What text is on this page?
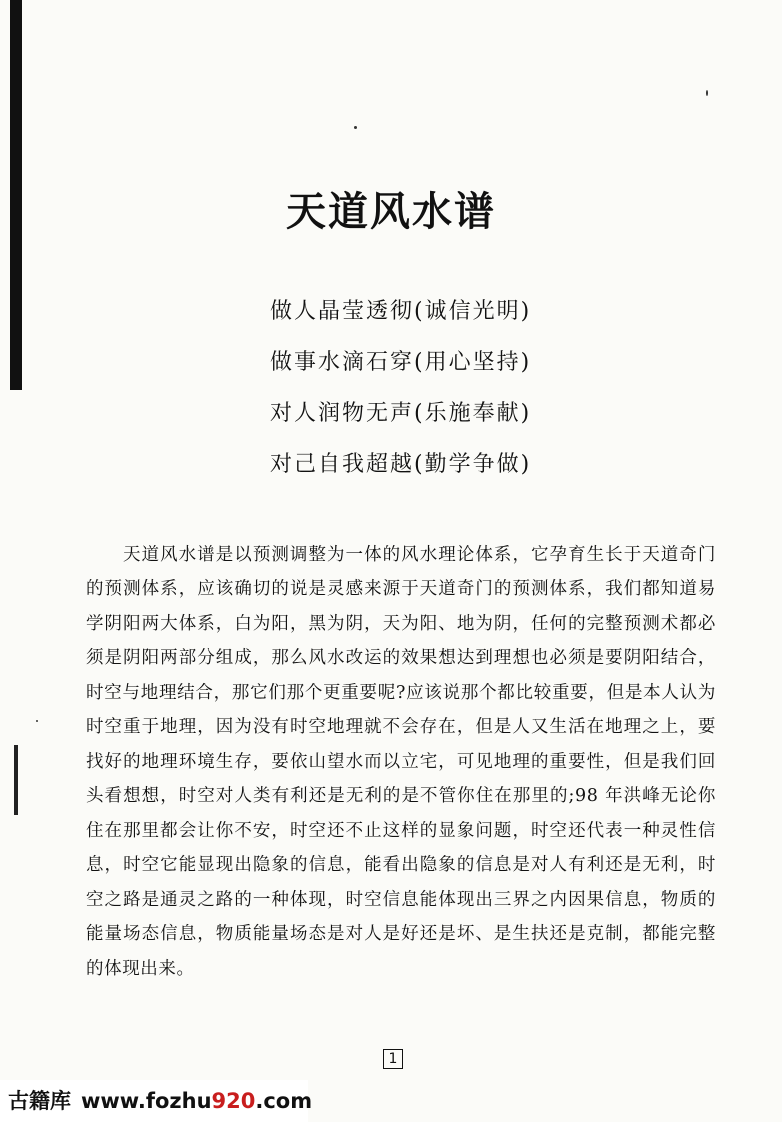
天道风水谱
做人晶莹透彻(诚信光明)
做事水滴石穿(用心坚持)
对人润物无声(乐施奉献)
对己自我超越(勤学争做)

天道风水谱是以预测调整为一体的风水理论体系，它孕育生长于天道奇门的预测体系，应该确切的说是灵感来源于天道奇门的预测体系，我们都知道易学阴阳两大体系，白为阳，黑为阴，天为阳、地为阴，任何的完整预测术都必须是阴阳两部分组成，那么风水改运的效果想达到理想也必须是要阴阳结合，时空与地理结合，那它们那个更重要呢?应该说那个都比较重要，但是本人认为时空重于地理，因为没有时空地理就不会存在，但是人又生活在地理之上，要找好的地理环境生存，要依山望水而以立宅，可见地理的重要性，但是我们回头看想想，时空对人类有利还是无利的是不管你住在那里的;98 年洪峰无论你住在那里都会让你不安，时空还不止这样的显象问题，时空还代表一种灵性信息，时空它能显现出隐象的信息，能看出隐象的信息是对人有利还是无利，时空之路是通灵之路的一种体现，时空信息能体现出三界之内因果信息，物质的能量场态信息，物质能量场态是对人是好还是坏、是生扶还是克制，都能完整的体现出来。

1
古籍库 www.fozhu920.com
